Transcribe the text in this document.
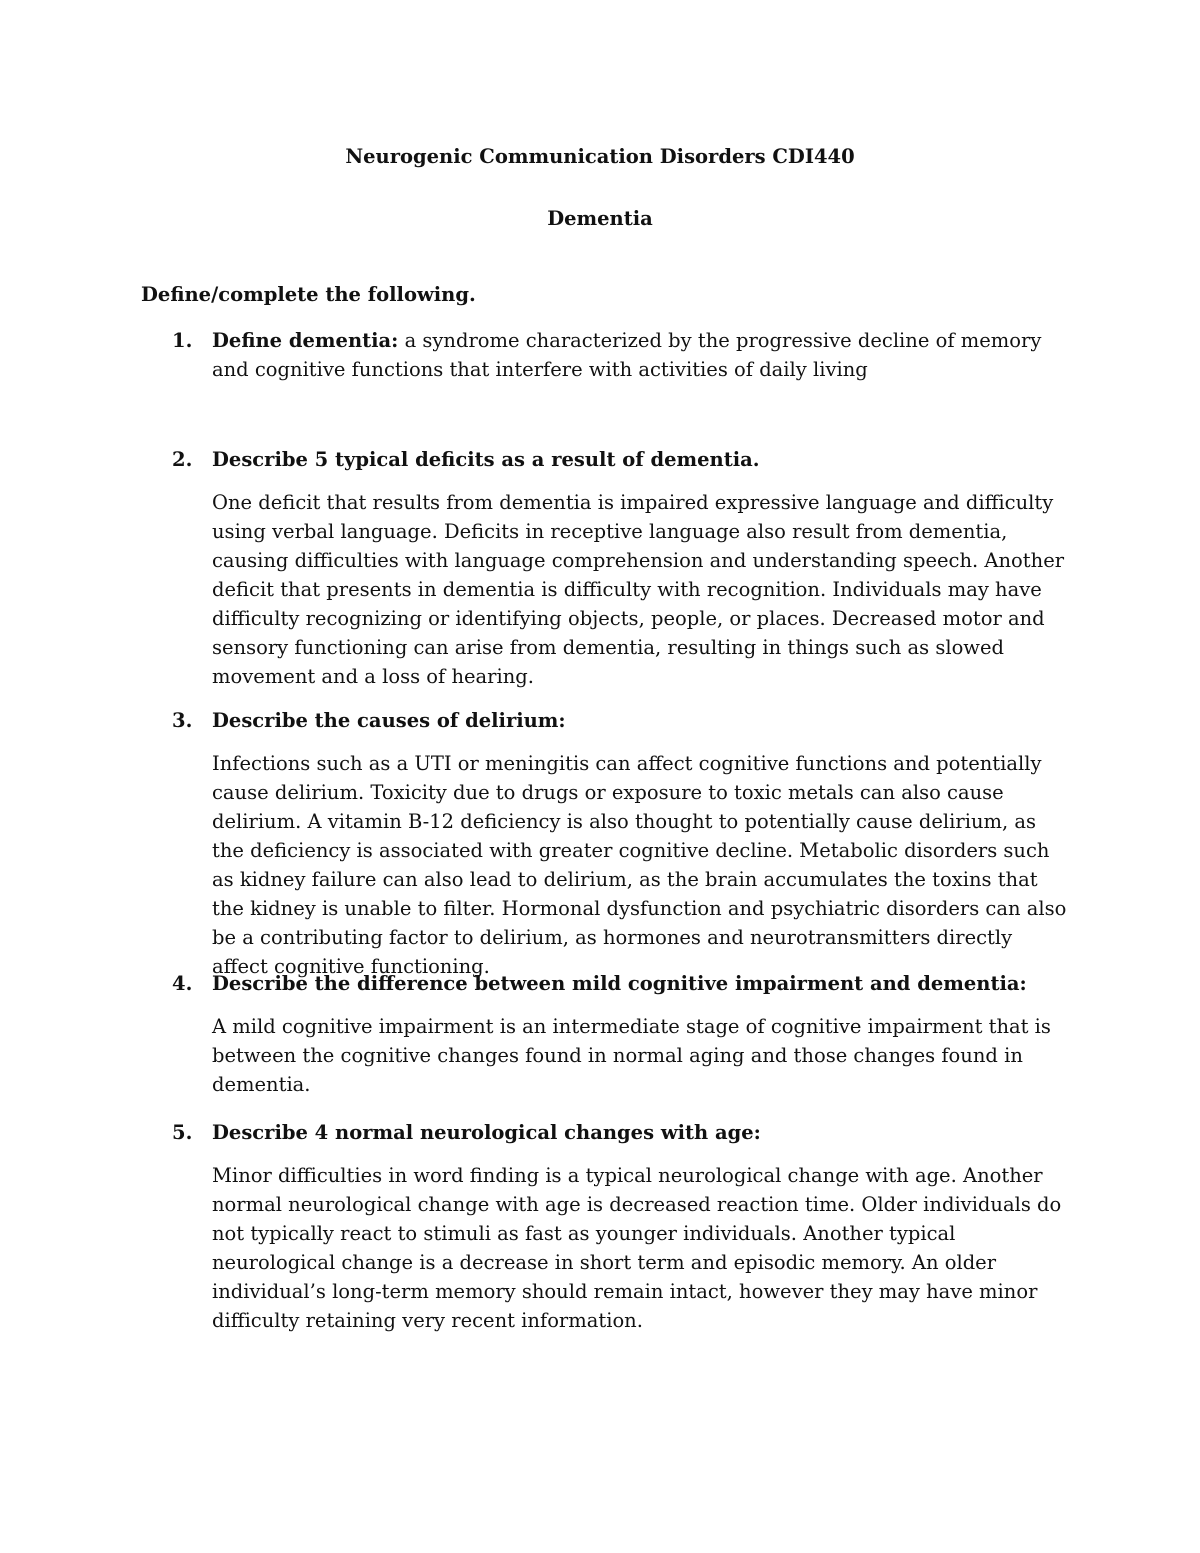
Neurogenic Communication Disorders CDI440
Dementia
Define/complete the following.
1. Define dementia: a syndrome characterized by the progressive decline of memory and cognitive functions that interfere with activities of daily living
2. Describe 5 typical deficits as a result of dementia.
One deficit that results from dementia is impaired expressive language and difficulty using verbal language. Deficits in receptive language also result from dementia, causing difficulties with language comprehension and understanding speech. Another deficit that presents in dementia is difficulty with recognition. Individuals may have difficulty recognizing or identifying objects, people, or places. Decreased motor and sensory functioning can arise from dementia, resulting in things such as slowed movement and a loss of hearing.
3. Describe the causes of delirium:
Infections such as a UTI or meningitis can affect cognitive functions and potentially cause delirium. Toxicity due to drugs or exposure to toxic metals can also cause delirium. A vitamin B-12 deficiency is also thought to potentially cause delirium, as the deficiency is associated with greater cognitive decline. Metabolic disorders such as kidney failure can also lead to delirium, as the brain accumulates the toxins that the kidney is unable to filter. Hormonal dysfunction and psychiatric disorders can also be a contributing factor to delirium, as hormones and neurotransmitters directly affect cognitive functioning.
4. Describe the difference between mild cognitive impairment and dementia:
A mild cognitive impairment is an intermediate stage of cognitive impairment that is between the cognitive changes found in normal aging and those changes found in dementia.
5. Describe 4 normal neurological changes with age:
Minor difficulties in word finding is a typical neurological change with age. Another normal neurological change with age is decreased reaction time. Older individuals do not typically react to stimuli as fast as younger individuals. Another typical neurological change is a decrease in short term and episodic memory. An older individual’s long-term memory should remain intact, however they may have minor difficulty retaining very recent information.
